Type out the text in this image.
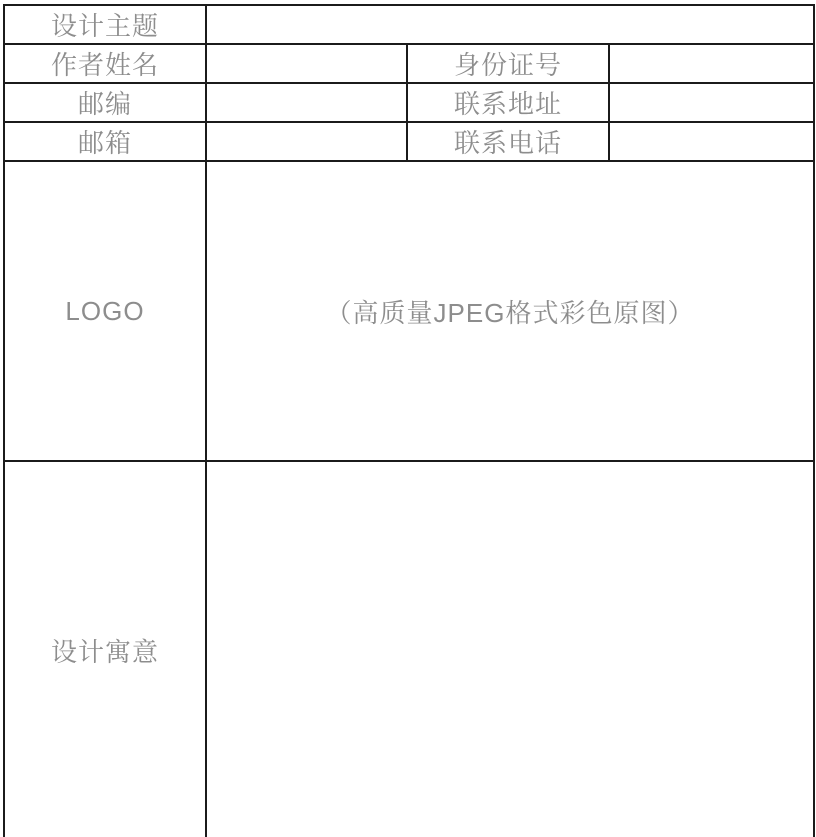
设计主题			
作者姓名		身份证号	
邮编		联系地址	
邮箱		联系电话	
LOGO	（高质量JPEG格式彩色原图）		

设计寓意			
